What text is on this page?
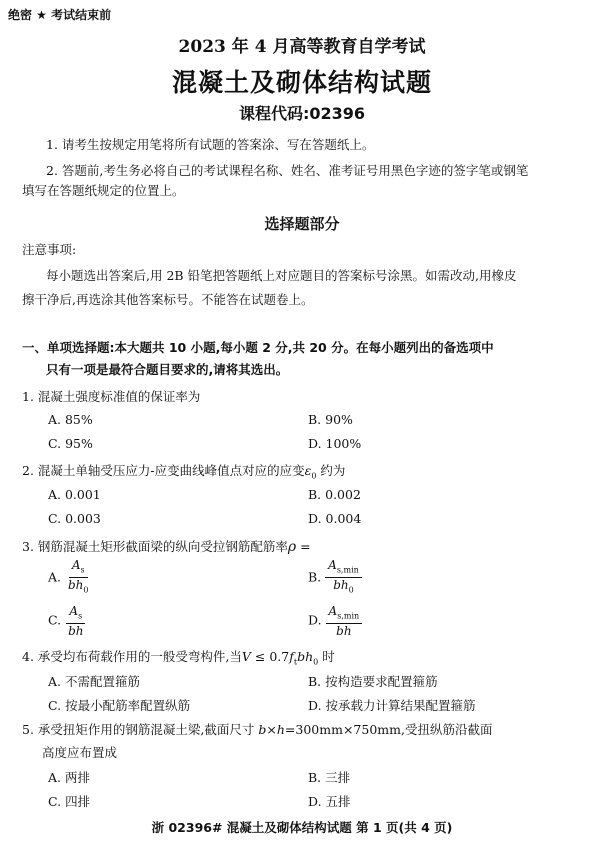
绝密 ★ 考试结束前
2023 年 4 月高等教育自学考试
混凝土及砌体结构试题
课程代码:02396
1. 请考生按规定用笔将所有试题的答案涂、写在答题纸上。
2. 答题前,考生务必将自己的考试课程名称、姓名、准考证号用黑色字迹的签字笔或钢笔
填写在答题纸规定的位置上。
选择题部分
注意事项:
每小题选出答案后,用 2B 铅笔把答题纸上对应题目的答案标号涂黑。如需改动,用橡皮
擦干净后,再选涂其他答案标号。不能答在试题卷上。
一、单项选择题:本大题共 10 小题,每小题 2 分,共 20 分。在每小题列出的备选项中
只有一项是最符合题目要求的,请将其选出。
1. 混凝土强度标准值的保证率为
A. 85%	B. 90%
C. 95%	D. 100%
2. 混凝土单轴受压应力-应变曲线峰值点对应的应变$\varepsilon_0$ 约为
A. 0.001	B. 0.002
C. 0.003	D. 0.004
3. 钢筋混凝土矩形截面梁的纵向受拉钢筋配筋率ρ =
A. $\frac{A_s}{bh_0}$	B. $\frac{A_{s,min}}{bh_0}$
C. $\frac{A_s}{bh}$	D. $\frac{A_{s,min}}{bh}$
4. 承受均布荷载作用的一般受弯构件,当$V \le 0.7f_tbh_0$ 时
A. 不需配置箍筋	B. 按构造要求配置箍筋
C. 按最小配筋率配置纵筋	D. 按承载力计算结果配置箍筋
5. 承受扭矩作用的钢筋混凝土梁,截面尺寸 b×h=300mm×750mm,受扭纵筋沿截面
高度应布置成
A. 两排	B. 三排
C. 四排	D. 五排
浙 02396# 混凝土及砌体结构试题 第 1 页(共 4 页)
